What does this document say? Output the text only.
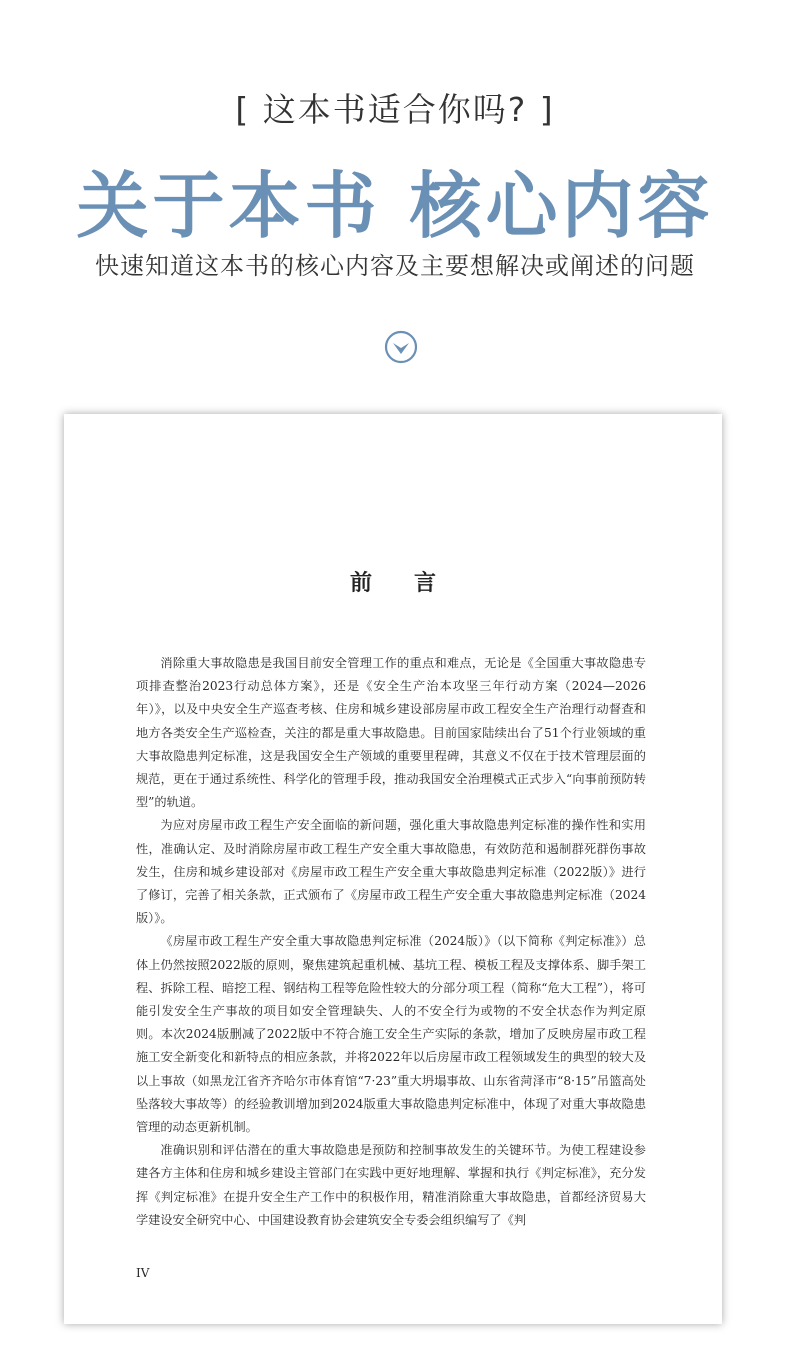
[ 这本书适合你吗? ]
关于本书 核心内容
快速知道这本书的核心内容及主要想解决或阐述的问题
前言

消除重大事故隐患是我国目前安全管理工作的重点和难点，无论是《全国重大事故隐患专项排查整治2023行动总体方案》，还是《安全生产治本攻坚三年行动方案（2024—2026年）》，以及中央安全生产巡查考核、住房和城乡建设部房屋市政工程安全生产治理行动督查和地方各类安全生产巡检查，关注的都是重大事故隐患。目前国家陆续出台了51个行业领域的重大事故隐患判定标准，这是我国安全生产领域的重要里程碑，其意义不仅在于技术管理层面的规范，更在于通过系统性、科学化的管理手段，推动我国安全治理模式正式步入“向事前预防转型”的轨道。

为应对房屋市政工程生产安全面临的新问题，强化重大事故隐患判定标准的操作性和实用性，准确认定、及时消除房屋市政工程生产安全重大事故隐患，有效防范和遏制群死群伤事故发生，住房和城乡建设部对《房屋市政工程生产安全重大事故隐患判定标准（2022版）》进行了修订，完善了相关条款，正式颁布了《房屋市政工程生产安全重大事故隐患判定标准（2024版）》。

《房屋市政工程生产安全重大事故隐患判定标准（2024版）》（以下简称《判定标准》）总体上仍然按照2022版的原则，聚焦建筑起重机械、基坑工程、模板工程及支撑体系、脚手架工程、拆除工程、暗挖工程、钢结构工程等危险性较大的分部分项工程（简称“危大工程”），将可能引发安全生产事故的项目如安全管理缺失、人的不安全行为或物的不安全状态作为判定原则。本次2024版删减了2022版中不符合施工安全生产实际的条款，增加了反映房屋市政工程施工安全新变化和新特点的相应条款，并将2022年以后房屋市政工程领域发生的典型的较大及以上事故（如黑龙江省齐齐哈尔市体育馆“7·23”重大坍塌事故、山东省菏泽市“8·15”吊篮高处坠落较大事故等）的经验教训增加到2024版重大事故隐患判定标准中，体现了对重大事故隐患管理的动态更新机制。

准确识别和评估潜在的重大事故隐患是预防和控制事故发生的关键环节。为使工程建设参建各方主体和住房和城乡建设主管部门在实践中更好地理解、掌握和执行《判定标准》，充分发挥《判定标准》在提升安全生产工作中的积极作用，精准消除重大事故隐患，首都经济贸易大学建设安全研究中心、中国建设教育协会建筑安全专委会组织编写了《判

IV
